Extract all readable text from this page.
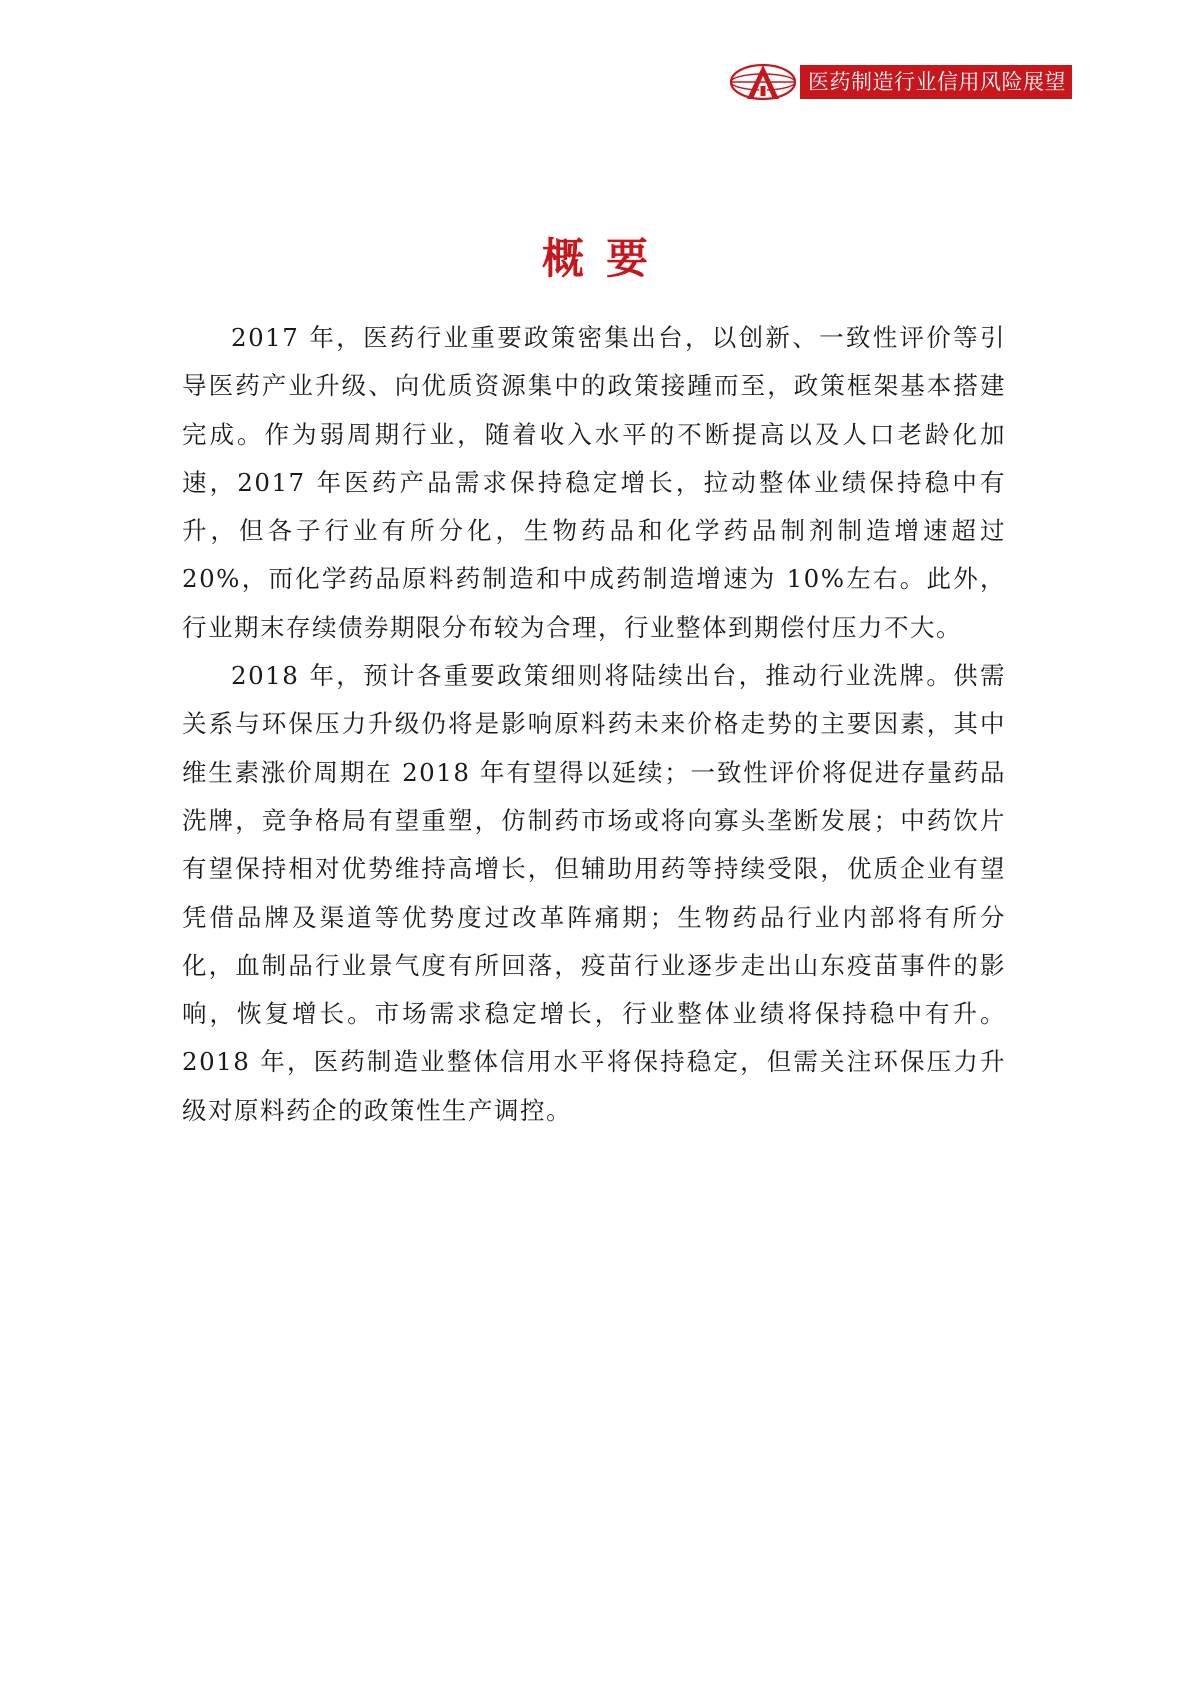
医药制造行业信用风险展望
概要

2017 年，医药行业重要政策密集出台，以创新、一致性评价等引导医药产业升级、向优质资源集中的政策接踵而至，政策框架基本搭建完成。作为弱周期行业，随着收入水平的不断提高以及人口老龄化加速，2017 年医药产品需求保持稳定增长，拉动整体业绩保持稳中有升，但各子行业有所分化，生物药品和化学药品制剂制造增速超过 20%，而化学药品原料药制造和中成药制造增速为 10%左右。此外，行业期末存续债券期限分布较为合理，行业整体到期偿付压力不大。

2018 年，预计各重要政策细则将陆续出台，推动行业洗牌。供需关系与环保压力升级仍将是影响原料药未来价格走势的主要因素，其中维生素涨价周期在 2018 年有望得以延续；一致性评价将促进存量药品洗牌，竞争格局有望重塑，仿制药市场或将向寡头垄断发展；中药饮片有望保持相对优势维持高增长，但辅助用药等持续受限，优质企业有望凭借品牌及渠道等优势度过改革阵痛期；生物药品行业内部将有所分化，血制品行业景气度有所回落，疫苗行业逐步走出山东疫苗事件的影响，恢复增长。市场需求稳定增长，行业整体业绩将保持稳中有升。2018 年，医药制造业整体信用水平将保持稳定，但需关注环保压力升级对原料药企的政策性生产调控。
